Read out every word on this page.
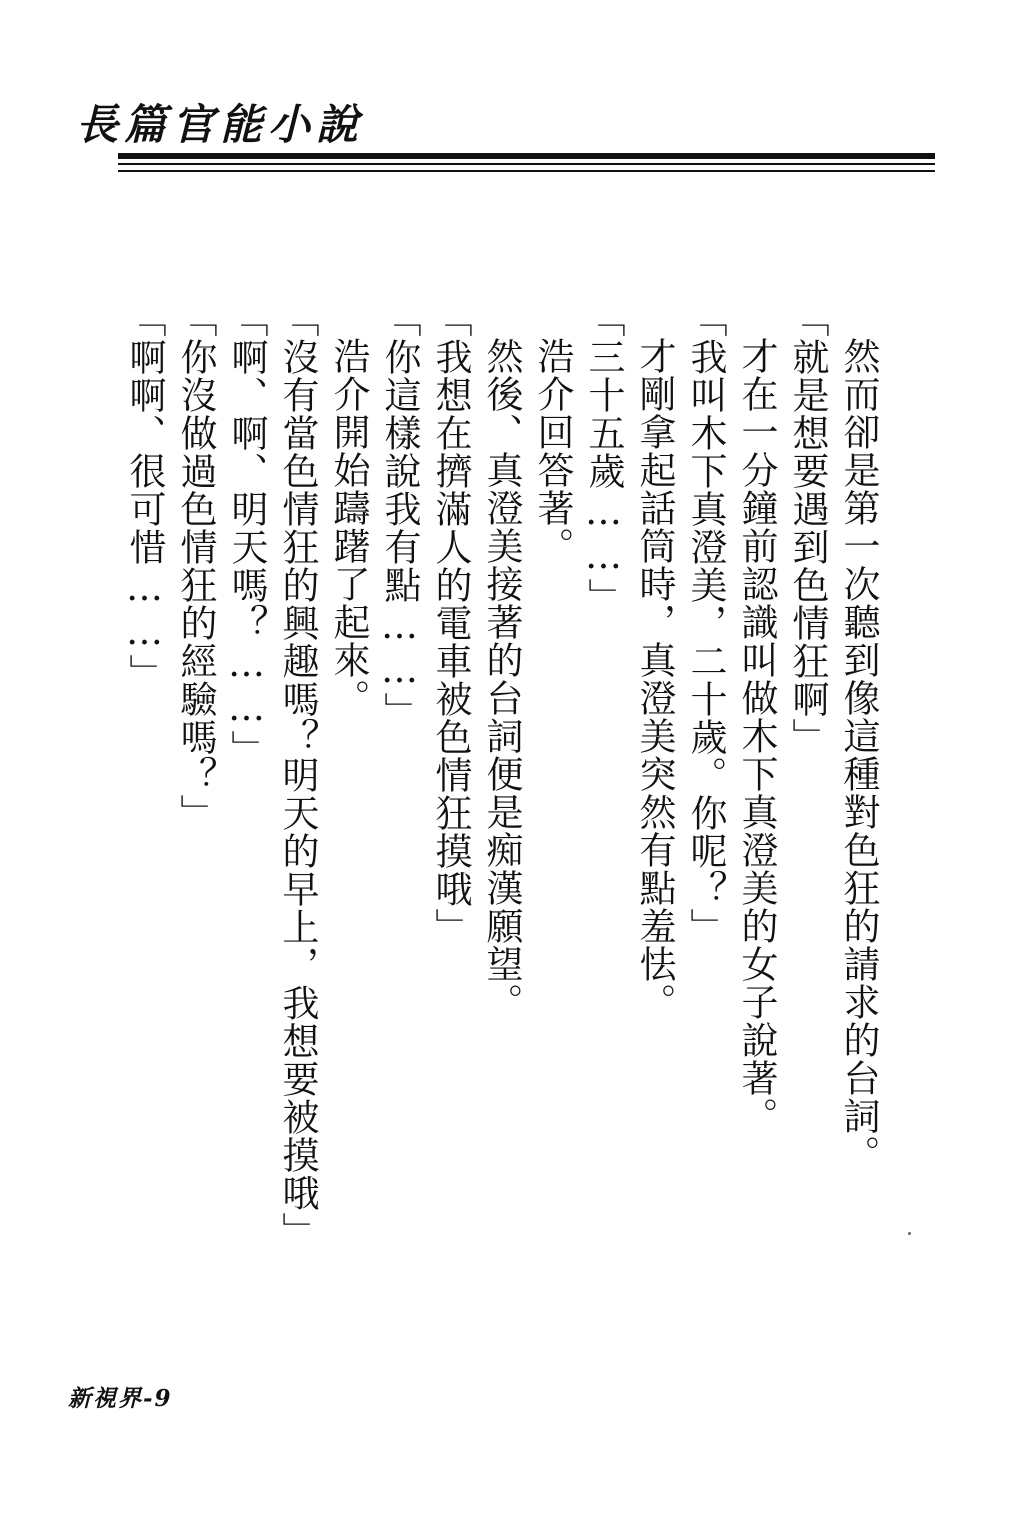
長篇官能小說
然而卻是第一次聽到像這種對色狂的請求的台詞。
「就是想要遇到色情狂啊」
才在一分鐘前認識叫做木下真澄美的女子說著。
「我叫木下真澄美，二十歲。你呢？」
才剛拿起話筒時，真澄美突然有點羞怯。
「三十五歲……」
浩介回答著。
然後、真澄美接著的台詞便是痴漢願望。
「我想在擠滿人的電車被色情狂摸哦」
「你這樣說我有點……」
浩介開始躊躇了起來。
「沒有當色情狂的興趣嗎？明天的早上，我想要被摸哦」
「啊、啊、明天嗎？……」
「你沒做過色情狂的經驗嗎？」
「啊啊、很可惜……」
新視界-9
